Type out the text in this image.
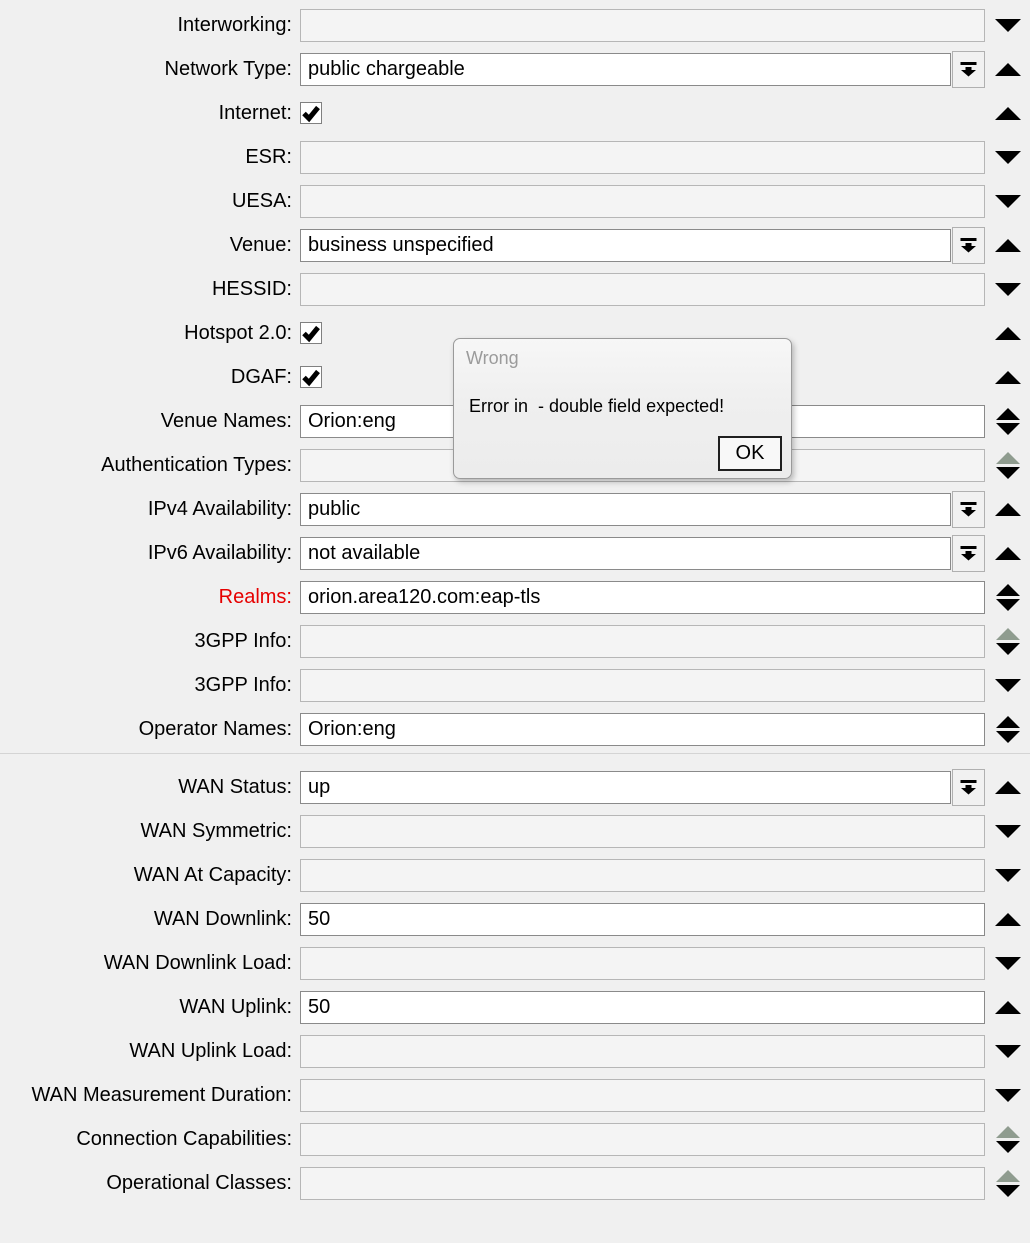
Interworking:
Network Type: public chargeable
Internet:
ESR:
UESA:
Venue: business unspecified
HESSID:
Hotspot 2.0:
DGAF:
Venue Names: Orion:eng
Authentication Types:
IPv4 Availability: public
IPv6 Availability: not available
Realms: orion.area120.com:eap-tls
3GPP Info:
3GPP Info:
Operator Names: Orion:eng
WAN Status: up
WAN Symmetric:
WAN At Capacity:
WAN Downlink: 50
WAN Downlink Load:
WAN Uplink: 50
WAN Uplink Load:
WAN Measurement Duration:
Connection Capabilities:
Operational Classes:
Wrong
Error in  - double field expected!
OK
